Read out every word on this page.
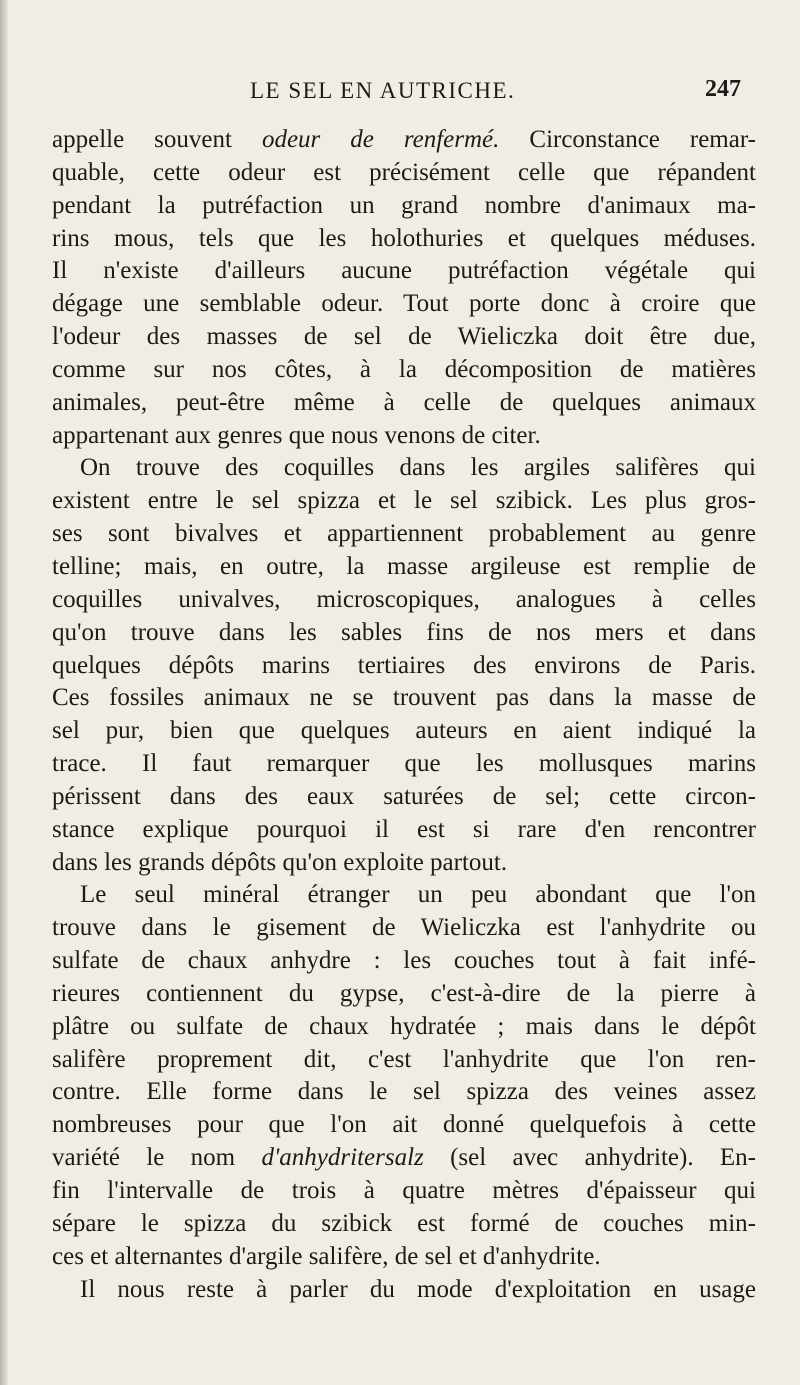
LE SEL EN AUTRICHE.	247
appelle souvent odeur de renfermé. Circonstance remar-
quable, cette odeur est précisément celle que répandent
pendant la putréfaction un grand nombre d'animaux ma-
rins mous, tels que les holothuries et quelques méduses.
Il n'existe d'ailleurs aucune putréfaction végétale qui
dégage une semblable odeur. Tout porte donc à croire que
l'odeur des masses de sel de Wieliczka doit être due,
comme sur nos côtes, à la décomposition de matières
animales, peut-être même à celle de quelques animaux
appartenant aux genres que nous venons de citer.
On trouve des coquilles dans les argiles salifères qui
existent entre le sel spizza et le sel szibick. Les plus gros-
ses sont bivalves et appartiennent probablement au genre
telline; mais, en outre, la masse argileuse est remplie de
coquilles univalves, microscopiques, analogues à celles
qu'on trouve dans les sables fins de nos mers et dans
quelques dépôts marins tertiaires des environs de Paris.
Ces fossiles animaux ne se trouvent pas dans la masse de
sel pur, bien que quelques auteurs en aient indiqué la
trace. Il faut remarquer que les mollusques marins
périssent dans des eaux saturées de sel; cette circon-
stance explique pourquoi il est si rare d'en rencontrer
dans les grands dépôts qu'on exploite partout.
Le seul minéral étranger un peu abondant que l'on
trouve dans le gisement de Wieliczka est l'anhydrite ou
sulfate de chaux anhydre : les couches tout à fait infé-
rieures contiennent du gypse, c'est-à-dire de la pierre à
plâtre ou sulfate de chaux hydratée ; mais dans le dépôt
salifère proprement dit, c'est l'anhydrite que l'on ren-
contre. Elle forme dans le sel spizza des veines assez
nombreuses pour que l'on ait donné quelquefois à cette
variété le nom d'anhydritersalz (sel avec anhydrite). En-
fin l'intervalle de trois à quatre mètres d'épaisseur qui
sépare le spizza du szibick est formé de couches min-
ces et alternantes d'argile salifère, de sel et d'anhydrite.
Il nous reste à parler du mode d'exploitation en usage
